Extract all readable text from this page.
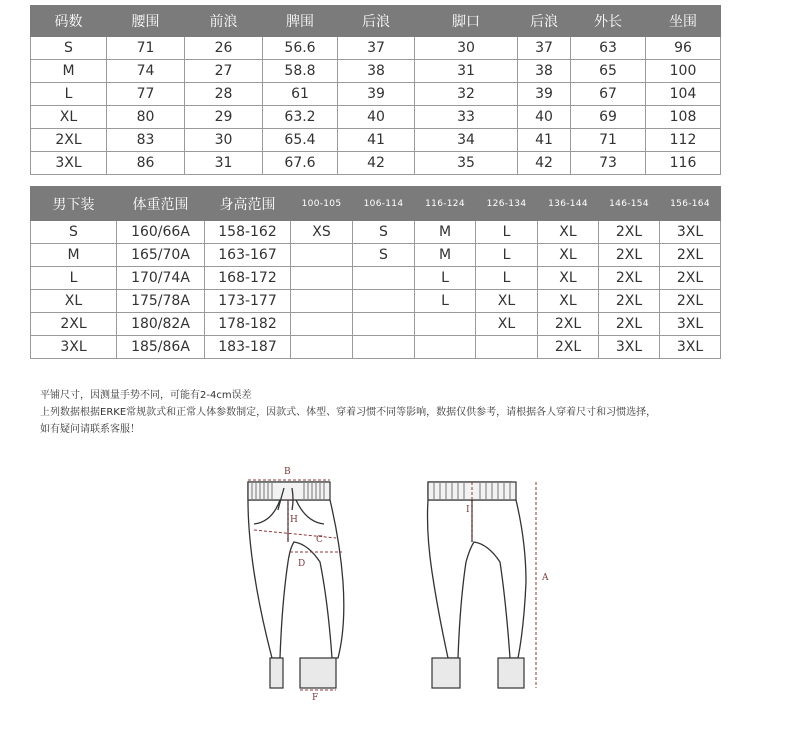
码数	腰围	前浪	脾围	后浪	脚口	后浪	外长	坐围
S	71	26	56.6	37	30	37	63	96
M	74	27	58.8	38	31	38	65	100
L	77	28	61	39	32	39	67	104
XL	80	29	63.2	40	33	40	69	108
2XL	83	30	65.4	41	34	41	71	112
3XL	86	31	67.6	42	35	42	73	116
男下装	体重范围	身高范围	100-105	106-114	116-124	126-134	136-144	146-154	156-164
S	160/66A	158-162	XS	S	M	L	XL	2XL	3XL
M	165/70A	163-167		S	M	L	XL	2XL	2XL
L	170/74A	168-172			L	L	XL	2XL	2XL
XL	175/78A	173-177			L	XL	XL	2XL	2XL
2XL	180/82A	178-182				XL	2XL	2XL	3XL
3XL	185/86A	183-187					2XL	3XL	3XL
平铺尺寸，因测量手势不同，可能有2-4cm误差
上列数据根据ERKE常规款式和正常人体参数制定，因款式、体型、穿着习惯不同等影响，数据仅供参考，请根据各人穿着尺寸和习惯选择，
如有疑问请联系客服！
B
H
C
D
F
I
A
